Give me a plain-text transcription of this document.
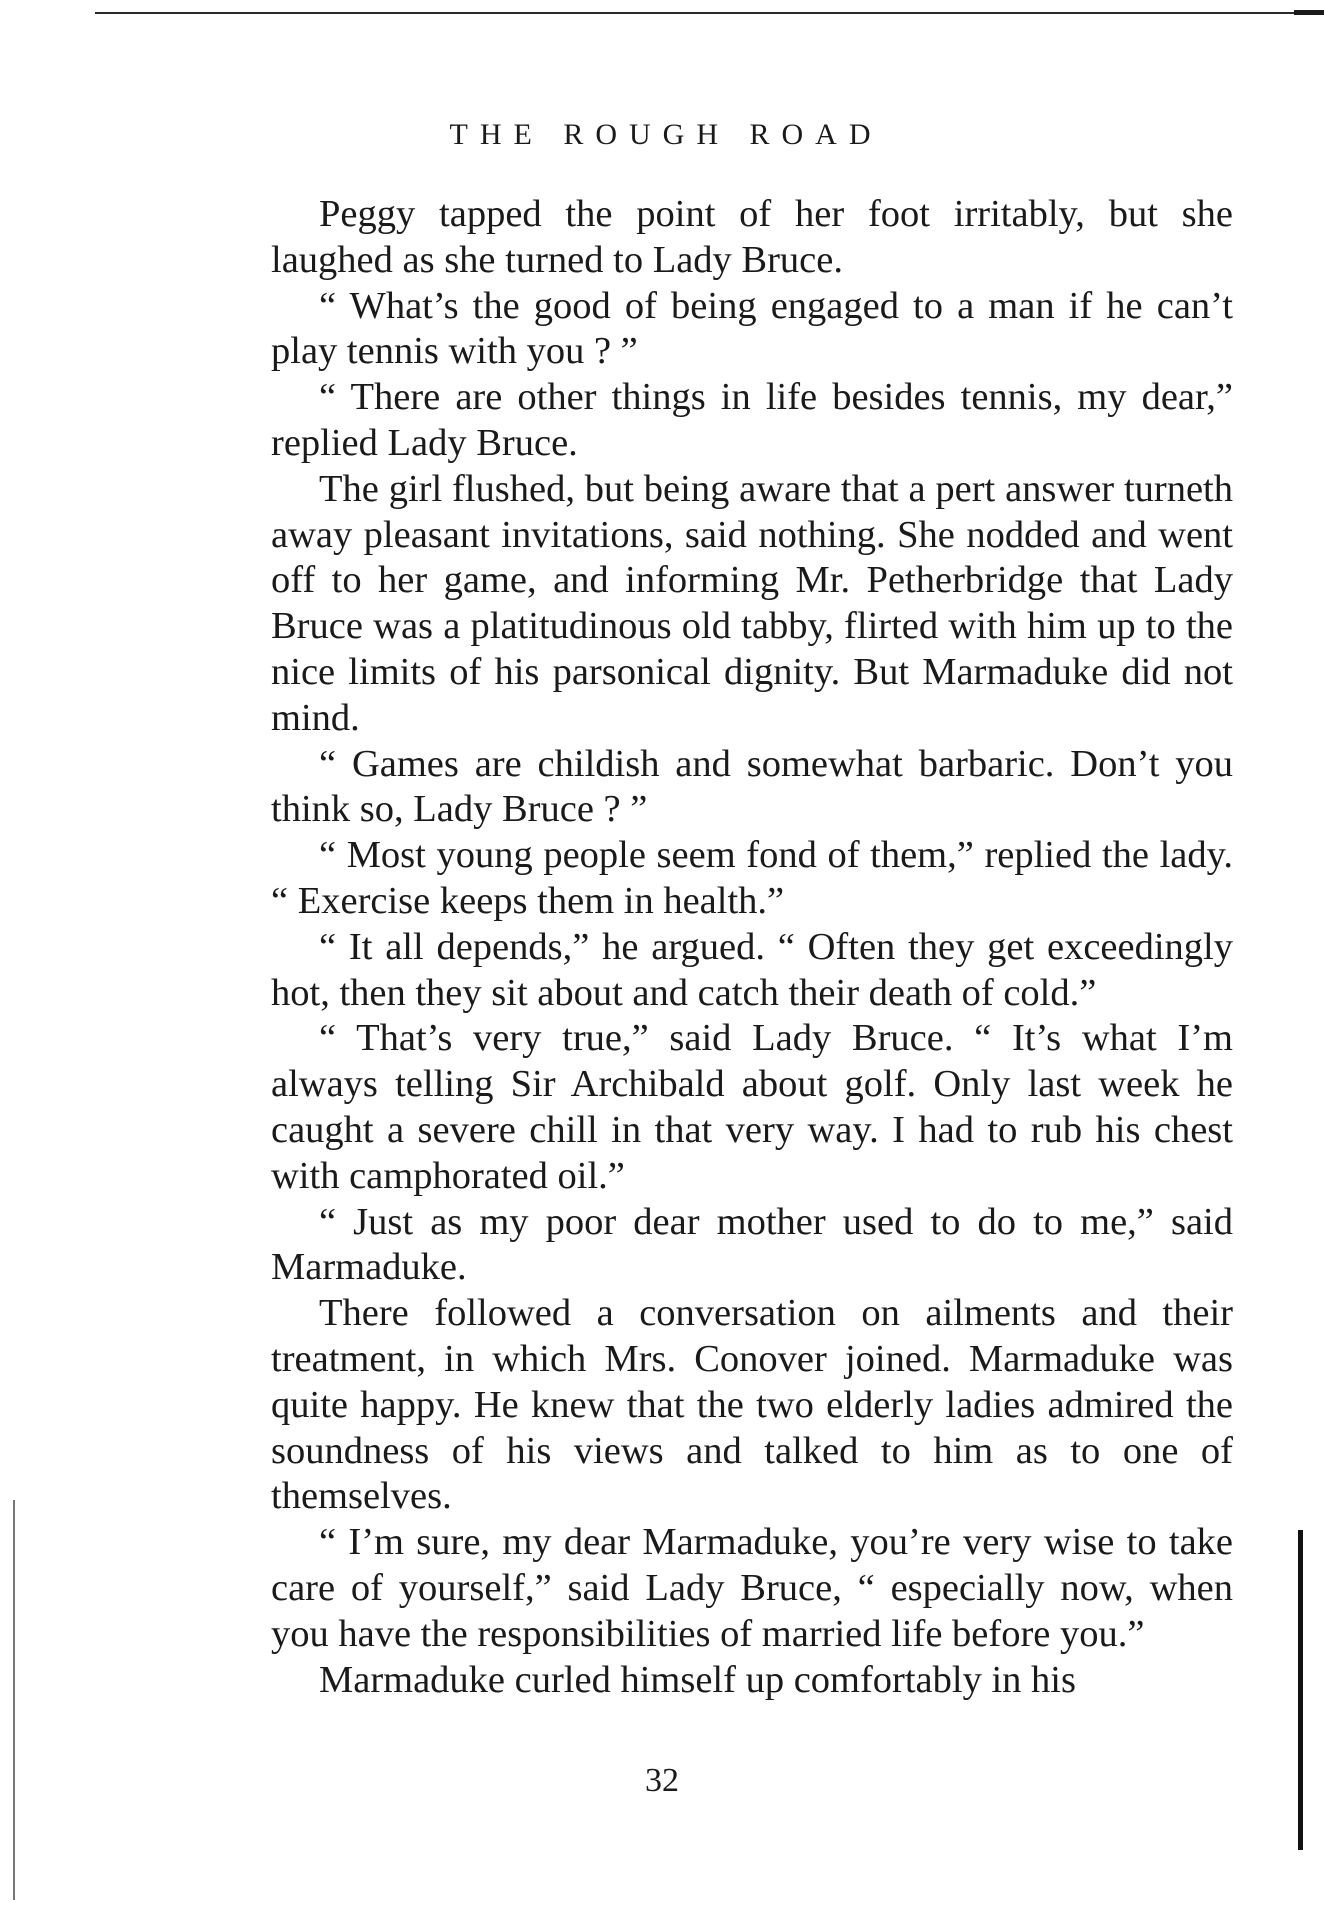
THE ROUGH ROAD

Peggy tapped the point of her foot irritably, but she laughed as she turned to Lady Bruce.

“ What’s the good of being engaged to a man if he can’t play tennis with you ? ”

“ There are other things in life besides tennis, my dear,” replied Lady Bruce.

The girl flushed, but being aware that a pert answer turneth away pleasant invitations, said nothing. She nodded and went off to her game, and informing Mr. Petherbridge that Lady Bruce was a platitudinous old tabby, flirted with him up to the nice limits of his parsonical dignity. But Marmaduke did not mind.

“ Games are childish and somewhat barbaric. Don’t you think so, Lady Bruce ? ”

“ Most young people seem fond of them,” replied the lady. “ Exercise keeps them in health.”

“ It all depends,” he argued. “ Often they get exceedingly hot, then they sit about and catch their death of cold.”

“ That’s very true,” said Lady Bruce. “ It’s what I’m always telling Sir Archibald about golf. Only last week he caught a severe chill in that very way. I had to rub his chest with camphorated oil.”

“ Just as my poor dear mother used to do to me,” said Marmaduke.

There followed a conversation on ailments and their treatment, in which Mrs. Conover joined. Marmaduke was quite happy. He knew that the two elderly ladies admired the soundness of his views and talked to him as to one of themselves.

“ I’m sure, my dear Marmaduke, you’re very wise to take care of yourself,” said Lady Bruce, “ especially now, when you have the responsibilities of married life before you.”

Marmaduke curled himself up comfortably in his

32
